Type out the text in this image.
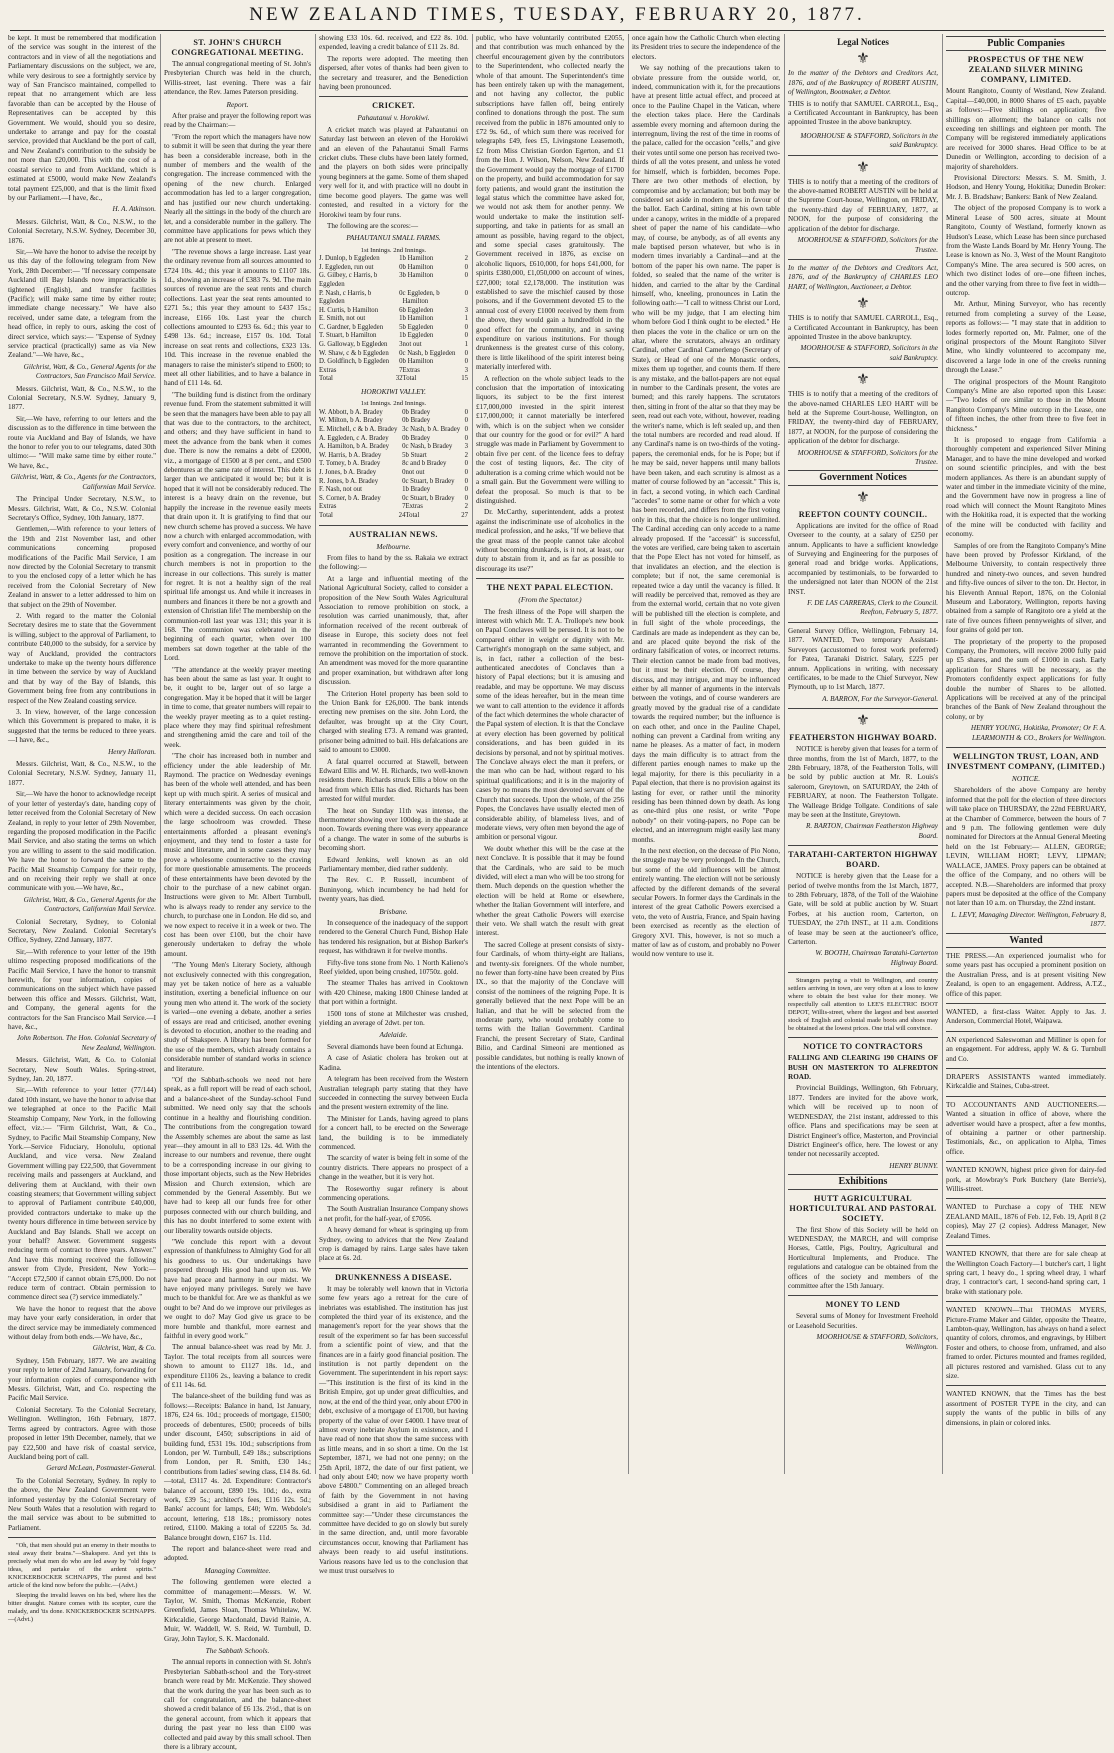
NEW ZEALAND TIMES, TUESDAY, FEBRUARY 20, 1877.

be kept. It must be remembered that modification of the service was sought in the interest of the contractors and in view of all the negotiations and Parliamentary discussions on the subject, we are, while very desirous to see a fortnightly service by way of San Francisco maintained, compelled to repeat that no arrangement which are less favorable than can be accepted by the House of Representatives can be accepted by this Government. We would, should you so desire, undertake to arrange and pay for the coastal service, provided that Auckland be the port of call, and New Zealand's contribution to the subsidy be not more than £20,000. This with the cost of a coastal service to and from Auckland, which is estimated at £5000, would make New Zealand's total payment £25,000, and that is the limit fixed by our Parliament.—I have, &c.,

H. A. Atkinson.

Messrs. Gilchrist, Watt, & Co., N.S.W., to the Colonial Secretary, N.S.W. Sydney, December 30, 1876.

Sir,—We have the honor to advise the receipt by us this day of the following telegram from New York, 28th December:— "If necessary compensate Auckland till Bay Islands now impracticable is tightened (English), and transfer facilities (Pacific); will make same time by either route; immediate change necessary." We have also received, under same date, a telegram from the head office, in reply to ours, asking the cost of direct service, which says:— "Expense of Sydney service practical (practically) same as via New Zealand."—We have, &c.,

Gilchrist, Watt, & Co., General Agents for the Contractors, San Francisco Mail Service.

Messrs. Gilchrist, Watt, & Co., N.S.W., to the Colonial Secretary, N.S.W. Sydney, January 9, 1877.

Sir,—We have, referring to our letters and the discussion as to the difference in time between the route via Auckland and Bay of Islands, we have the honor to refer you to our telegrams, dated 30th ultimo:— "Will make same time by either route." We have, &c.,

Gilchrist, Watt, & Co., Agents for the Contractors, Californian Mail Service.

The Principal Under Secretary, N.S.W., to Messrs. Gilchrist, Watt, & Co., N.S.W. Colonial Secretary's Office, Sydney, 10th January, 1877.

Gentlemen,—With reference to your letters of the 19th and 21st November last, and other communications concerning proposed modifications of the Pacific Mail Service, I am now directed by the Colonial Secretary to transmit to you the enclosed copy of a letter which he has received from the Colonial Secretary of New Zealand in answer to a letter addressed to him on that subject on the 29th of November.

2. With regard to the matter the Colonial Secretary desires me to state that the Government is willing, subject to the approval of Parliament, to contribute £40,000 to the subsidy, for a service by way of Auckland, provided the contractors undertake to make up the twenty hours difference in time between the service by way of Auckland and that by way of the Bay of Islands, this Government being free from any contributions in respect of the New Zealand coasting service.

3. In view, however, of the large concession which this Government is prepared to make, it is suggested that the terms be reduced to three years.—I have, &c.,

Henry Halloran.

Messrs. Gilchrist, Watt, & Co., N.S.W., to the Colonial Secretary, N.S.W. Sydney, January 11, 1877.

Sir,—We have the honor to acknowledge receipt of your letter of yesterday's date, handing copy of letter received from the Colonial Secretary of New Zealand, in reply to your letter of 29th November, regarding the proposed modification in the Pacific Mail Service, and also stating the terms on which you are willing to assent to the said modification. We have the honor to forward the same to the Pacific Mail Steamship Company for their reply, and on receiving their reply we shall at once communicate with you.—We have, &c.,

Gilchrist, Watt, & Co., General Agents for the Contractors, Californian Mail Service.

Colonial Secretary, Sydney, to Colonial Secretary, New Zealand. Colonial Secretary's Office, Sydney, 22nd January, 1877.

Sir,—With reference to your letter of the 19th ultimo respecting proposed modifications of the Pacific Mail Service, I have the honor to transmit herewith, for your information, copies of communications on the subject which have passed between this office and Messrs. Gilchrist, Watt, and Company, the general agents for the contractors for the San Francisco Mail Service.—I have, &c.,

John Robertson. The Hon. Colonial Secretary of New Zealand, Wellington.

Messrs. Gilchrist, Watt, & Co. to Colonial Secretary, New South Wales. Spring-street, Sydney, Jan. 20, 1877.

Sir,—With reference to your letter (77/144) dated 10th instant, we have the honor to advise that we telegraphed at once to the Pacific Mail Steamship Company, New York, in the following effect, viz.:— "Firm Gilchrist, Watt, & Co., Sydney, to Pacific Mail Steamship Company, New York.—Service Fiduciary, Honolulu, optional Auckland, and vice versa. New Zealand Government willing pay £22,500, that Government receiving mails and passengers at Auckland, and delivering them at Auckland, with their own coasting steamers; that Government willing subject to approval of Parliament contribute £40,000, provided contractors undertake to make up the twenty hours difference in time between service by Auckland and Bay Islands. Shall we accept on your behalf? Answer. Government suggests reducing term of contract to three years. Answer." And have this morning received the following answer from Clyde, President, New York:— "Accept £72,500 if cannot obtain £75,000. Do not reduce term of contract. Obtain permission to commence direct sea (?) service immediately."

We have the honor to request that the above may have your early consideration, in order that the direct service may be immediately commenced without delay from both ends.—We have, &c.,

Gilchrist, Watt, & Co.

Sydney, 15th February, 1877. We are awaiting your reply to letter of 22nd January, forwarding for your information copies of correspondence with Messrs. Gilchrist, Watt, and Co. respecting the Pacific Mail Service.

Colonial Secretary. To the Colonial Secretary, Wellington. Wellington, 16th February, 1877. Terms agreed by contractors. Agree with those proposed in letter 19th December, namely, that we pay £22,500 and have risk of coastal service, Auckland being port of call.

Gerard McLean, Postmaster-General.

To the Colonial Secretary, Sydney. In reply to the above, the New Zealand Government were informed yesterday by the Colonial Secretary of New South Wales that a resolution with regard to the mail service was about to be submitted to Parliament.

"Oh, that men should put an enemy in their mouths to steal away their brains."—Shakspere. And yet this is precisely what men do who are led away by "old fogey ideas, and partake of the ardent spirits." KNICKERBOCKER SCHNAPPS, The purest and best article of the kind now before the public.—(Advt.)

Sleeping the invalid leaves on his bed, where lies the bitter draught. Nature comes with its scepter, cure the malady, and 'tis done. KNICKERBOCKER SCHNAPPS.—(Advt.)

ST. JOHN'S CHURCH CONGREGATIONAL MEETING.

The annual congregational meeting of St. John's Presbyterian Church was held in the church, Willis-street, last evening. There was a fair attendance, the Rev. James Paterson presiding.

Report.

After praise and prayer the following report was read by the Chairman:—

"From the report which the managers have now to submit it will be seen that during the year there has been a considerable increase, both in the number of members and the wealth of the congregation. The increase commenced with the opening of the new church. Enlarged accommodation has led to a larger congregation, and has justified our new church undertaking. Nearly all the sittings in the body of the church are let, and a considerable number in the gallery. The committee have applications for pews which they are not able at present to meet.

"The revenue shows a large increase. Last year the ordinary revenue from all sources amounted to £724 10s. 4d.; this year it amounts to £1107 18s. 1d., showing an increase of £383 7s. 9d. The main sources of revenue are the seat rents and church collections. Last year the seat rents amounted to £271 5s.; this year they amount to £437 15s.; increase, £166 10s. Last year the church collections amounted to £293 6s. 6d.; this year to £498 13s. 6d.; increase, £157 0s. 10d. Total increase on seat rents and collections, £323 13s. 10d. This increase in the revenue enabled the managers to raise the minister's stipend to £600; to meet all other liabilities, and to have a balance in hand of £11 14s. 6d.

"The building fund is distinct from the ordinary revenue fund. From the statement submitted it will be seen that the managers have been able to pay all that was due to the contractors, to the architect, and others; and they have sufficient in hand to meet the advance from the bank when it comes due. There is now the remains a debt of £2000, viz., a mortgage of £1500 at 8 per cent., and £500 debentures at the same rate of interest. This debt is larger than we anticipated it would be; but it is hoped that it will not be considerably reduced. The interest is a heavy drain on the revenue, but happily the increase in the revenue easily meets that drain upon it. It is gratifying to find that our new church scheme has proved a success. We have now a church with enlarged accommodation, with every comfort and convenience, and worthy of our position as a congregation. The increase in our church members is not in proportion to the increase in our collections. This surely is matter for regret. It is not a healthy sign of the real spiritual life amongst us. And while it increases in numbers and finances it there be not a growth and extension of Christian life! The membership on the communion-roll last year was 131; this year it is 168. The communion was celebrated in the beginning of each quarter, when over 100 members sat down together at the table of the Lord.

"The attendance at the weekly prayer meeting has been about the same as last year. It ought to be, it ought to be, larger out of so large a congregation. May it be hoped that it will be larger in time to come, that greater numbers will repair to the weekly prayer meeting as to a quiet resting-place where they may find spiritual refreshment and strengthening amid the care and toil of the week.

"The choir has increased both in number and efficiency under the able leadership of Mr. Raymond. The practice on Wednesday evenings has been of the whole well attended, and has been kept up with much spirit. A series of musical and literary entertainments was given by the choir, which were a decided success. On each occasion the large schoolroom was crowded. These entertainments afforded a pleasant evening's enjoyment, and they tend to foster a taste for music and literature, and in some cases they may prove a wholesome counteractive to the craving for more questionable amusements. The proceeds of these entertainments have been devoted by the choir to the purchase of a new cabinet organ. Instructions were given to Mr. Albert Turnbull, who is always ready to render any service to the church, to purchase one in London. He did so, and we now expect to receive it in a week or two. The cost has been over £100, but the choir have generously undertaken to defray the whole amount.

"The Young Men's Literary Society, although not exclusively connected with this congregation, may yet be taken notice of here as a valuable institution, exerting a beneficial influence on our young men who attend it. The work of the society is varied—one evening a debate, another a series of essays are read and criticised, another evening is devoted to elocution, another to the reading and study of Shakspere. A library has been formed for the use of the members, which already contains a considerable number of standard works in science and literature.

"Of the Sabbath-schools we need not here speak, as a full report will be read of each school, and a balance-sheet of the Sunday-school Fund submitted. We need only say that the schools continue in a healthy and flourishing condition. The contributions from the congregation toward the Assembly schemes are about the same as last year—they amount in all to £83 12s. 4d. With the increase to our numbers and revenue, there ought to be a corresponding increase in our giving to those important objects, such as the New Hebrides Mission and Church extension, which are commended by the General Assembly. But we have had to keep all our funds free for other purposes connected with our church building, and this has no doubt interfered to some extent with our liberality towards outside objects.

"We conclude this report with a devout expression of thankfulness to Almighty God for all his goodness to us. Our undertakings have prospered through His good hand upon us. We have had peace and harmony in our midst. We have enjoyed many privileges. Surely we have much to be thankful for. Are we as thankful as we ought to be? And do we improve our privileges as we ought to do? May God give us grace to be more humble and thankful, more earnest and faithful in every good work."

The annual balance-sheet was read by Mr. J. Taylor. The total receipts from all sources were shown to amount to £1127 18s. 1d., and expenditure £1106 2s., leaving a balance to credit of £11 14s. 6d.

The balance-sheet of the building fund was as follows:—Receipts: Balance in hand, 1st January, 1876, £24 6s. 10d.; proceeds of mortgage, £1500; proceeds of debentures, £500; proceeds of bills under discount, £450; subscriptions in aid of building fund, £531 19s. 10d.; subscriptions from London, per W. Turnbull, £49 18s.; subscriptions from London, per R. Smith, £30 14s.; contributions from ladies' sewing class, £14 8s. 6d.—total, £3117 4s. 2d. Expenditure: Contractor's balance of account, £890 19s. 10d.; do., extra work, £39 5s.; architect's fees, £116 12s. 5d.; Banks' account for lamps, £40; Wm. Webdole's account, lettering, £18 18s.; promissory notes retired, £1100. Making a total of £2205 5s. 3d. Balance brought down, £167 1s. 11d.

The report and balance-sheet were read and adopted.

Managing Committee.

The following gentlemen were elected a committee of management:—Messrs. W. W. Taylor, W. Smith, Thomas McKenzie, Robert Greenfield, James Sloan, Thomas Whitelaw, W. Kirkcaldie, George Macdonald, David Rainie, A. Muir, W. Waddell, W. S. Reid, W. Turnbull, D. Gray, John Taylor, S. K. Macdonald.

The Sabbath Schools.

The annual reports in connection with St. John's Presbyterian Sabbath-school and the Tory-street branch were read by Mr. McKenzie. They showed that the work during the year has been such as to call for congratulation, and the balance-sheet showed a credit balance of £6 13s. 2½d., that is on the general account, from which it appears that during the past year no less than £100 was collected and paid away by this small school. Then there is a library account,

showing £33 10s. 6d. received, and £22 8s. 10d. expended, leaving a credit balance of £11 2s. 8d.

The reports were adopted. The meeting then dispersed, after votes of thanks had been given to the secretary and treasurer, and the Benediction having been pronounced.

CRICKET.
Pahautanui v. Horokiwi.

A cricket match was played at Pahautanui on Saturday last between an eleven of the Horokiwi and an eleven of the Pahautanui Small Farms cricket clubs. These clubs have been lately formed, and the players on both sides were principally young beginners at the game. Some of them shaped very well for it, and with practice will no doubt in time become good players. The game was well contested, and resulted in a victory for the Horokiwi team by four runs.

The following are the scores:—

PAHAUTANUI SMALL FARMS.
1st Innings. 2nd Innings.
J. Dunlop, b Eggleden	1	b Hamilton	2
J. Eggleden, run out	0	b Hamilton	0
G. Gilbey, c Harris, b Eggleden	3	b Hamilton	0
P. Nash, c Harris, b Eggleden	0	c Eggleden, b Hamilton	0
H. Curtis, b Hamilton	6	b Eggleden	3
E. Smith, not out	1	b Hamilton	1
C. Gardner, b Eggleden	5	b Eggleden	0
T. Stuart, b Hamilton	1	b Eggleden	0
G. Galloway, b Eggleden	3	not out	1
W. Shaw, c & b Eggleden	0	c Nash, b Eggleden	0
D. Goldfinch, b Eggleden	0	b Hamilton	0
Extras	7	Extras	3
Total	32	Total	15
HOROKIWI VALLEY.
1st Innings. 2nd Innings.
W. Abbott, b A. Bradey	0	b Bradey	0
W. Milton, b A. Bradey	0	b Bradey	0
E. Mitchell, c & b A. Bradey	3	c Nash, b A. Bradey	0
A. Eggleden, c A. Bradey	0	b Bradey	0
A. Hamilton, b A. Bradey	0	c Nash, b Bradey	3
W. Harris, b A. Bradey	5	b Stuart	2
T. Tomey, b A. Bradey	8	c and b Bradey	0
J. Jones, b A. Bradey	0	not out	0
R. Jones, b A. Bradey	0	c Stuart, b Bradey	0
F. Nash, not out	1	b Bradey	0
S. Corner, b A. Bradey	0	c Stuart, b Bradey	0
Extras	7	Extras	2
Total	24	Total	27
AUSTRALIAN NEWS.
Melbourne.

From files to hand by the ss. Rakaia we extract the following:—

At a large and influential meeting of the National Agricultural Society, called to consider a proposition of the New South Wales Agricultural Association to remove prohibition on stock, a resolution was carried unanimously, that, after information received of the recent outbreak of disease in Europe, this society does not feel warranted in recommending the Government to remove the prohibition on the importation of stock. An amendment was moved for the more quarantine and proper examination, but withdrawn after long discussion.

The Criterion Hotel property has been sold to the Union Bank for £26,000. The bank intends erecting new premises on the site. John Lord, the defaulter, was brought up at the City Court, charged with stealing £73. A remand was granted, prisoner being admitted to bail. His defalcations are said to amount to £3000.

A fatal quarrel occurred at Stawell, between Edward Ellis and W. H. Richards, two well-known residents there. Richards struck Ellis a blow on the head from which Ellis has died. Richards has been arrested for wilful murder.

The heat on Sunday 11th was intense, the thermometer showing over 100deg. in the shade at noon. Towards evening there was every appearance of a change. The water in some of the suburbs is becoming short.

Edward Jenkins, well known as an old Parliamentary member, died rather suddenly.

The Rev. C. P. Russell, incumbent of Buninyong, which incumbency he had held for twenty years, has died.

Brisbane.

In consequence of the inadequacy of the support rendered to the General Church Fund, Bishop Hale has tendered his resignation, but at Bishop Barker's request, has withdrawn it for twelve months.

Fifty-five tons stone from No. 1 North Kalieno's Reef yielded, upon being crushed, 10750z. gold.

The steamer Thales has arrived in Cooktown with 420 Chinese, making 1800 Chinese landed at that port within a fortnight.

1500 tons of stone at Milchester was crushed, yielding an average of 2dwt. per ton.

Adelaide.

Several diamonds have been found at Echunga.

A case of Asiatic cholera has broken out at Kadina.

A telegram has been received from the Western Australian telegraph party stating that they have succeeded in connecting the survey between Eucla and the present western extremity of the line.

The Minister for Lands, having agreed to plans for a concert hall, to be erected on the Sewerage land, the building is to be immediately commenced.

The scarcity of water is being felt in some of the country districts. There appears no prospect of a change in the weather, but it is very hot.

The Roseworthy sugar refinery is about commencing operations.

The South Australian Insurance Company shows a net profit, for the half-year, of £7056.

A heavy demand for wheat is springing up from Sydney, owing to advices that the New Zealand crop is damaged by rains. Large sales have taken place at 6s. 2d.

DRUNKENNESS A DISEASE.

It may be tolerably well known that in Victoria some few years ago a retreat for the cure of inebriates was established. The institution has just completed the third year of its existence, and the management's report for the year shows that the result of the experiment so far has been successful from a scientific point of view, and that the finances are in a fairly good financial position. The institution is not partly dependent on the Government. The superintendent in his report says:—"This institution is the first of its kind in the British Empire, got up under great difficulties, and now, at the end of the third year, only about £700 in debt, exclusive of a mortgage of £1700, but having property of the value of over £4000. I have treat of almost every inebriate Asylum in existence, and I have read of none that show the same success with as little means, and in so short a time. On the 1st September, 1871, we had not one penny; on the 25th April, 1872, the date of our first patient, we had only about £40; now we have property worth above £4800." Commenting on an alleged breach of faith by the Government in not having subsidised a grant in aid to Parliament the committee say:—"Under these circumstances the committee have decided to go on slowly but surely in the same direction, and, until more favorable circumstances occur, knowing that Parliament has always been ready to aid useful institutions. Various reasons have led us to the conclusion that we must trust ourselves to

public, who have voluntarily contributed £2055, and that contribution was much enhanced by the cheerful encouragement given by the contributors to the Superintendent, who collected nearly the whole of that amount. The Superintendent's time has been entirely taken up with the management, and not having any collector, the public subscriptions have fallen off, being entirely confined to donations through the post. The sum received from the public in 1876 amounted only to £72 9s. 6d., of which sum there was received for telegraphs £49, fees £5, Livingstone Leasemoth, £2 from Miss Christian Gordon Egerton, and £1 from the Hon. J. Wilson, Nelson, New Zealand. If the Government would pay the mortgage of £1700 on the property, and build accommodation for say forty patients, and would grant the institution the legal status which the committee have asked for, we would not ask them for another penny. We would undertake to make the institution self-supporting, and take in patients for as small an amount as possible, having regard to the object, and some special cases gratuitously. The Government received in 1876, as excise on alcoholic liquors, £610,000, for hops £41,000, for spirits £380,000, £1,050,000 on account of wines, £27,000; total £2,178,000. The institution was established to save the mischief caused by those poisons, and if the Government devoted £5 to the annual cost of every £1000 received by them from the above, they would gain a hundredfold in the good effect for the community, and in saving expenditure on various institutions. For though drunkenness is the greatest curse of this colony, there is little likelihood of the spirit interest being materially interfered with.

A reflection on the whole subject leads to the conclusion that the importation of intoxicating liquors, its subject to be the first interest £17,000,000 invested in the spirit interest £17,000,000; it cannot materially be interfered with, which is on the subject when we consider that our country for the good or for evil?" A hard struggle was made in Parliament by Government to obtain five per cent. of the licence fees to defray the cost of testing liquors, &c. The city of adulteration is a coming crime which would not be a small gain. But the Government were willing to defeat the proposal. So much is that to be distinguished.

Dr. McCarthy, superintendent, adds a protest against the indiscriminate use of alcoholics in the medical profession, and he asks, "If we believe that the great mass of the people cannot take alcohol without becoming drunkards, is it not, at least, our duty to abstain from it, and as far as possible to discourage its use?"

THE NEXT PAPAL ELECTION.
(From the Spectator.)

The fresh illness of the Pope will sharpen the interest with which Mr. T. A. Trollope's new book on Papal Conclaves will be perused. It is not to be compared either in weight or dignity with Mr. Cartwright's monograph on the same subject, and is, in fact, rather a collection of the best-authenticated anecdotes of Conclaves than a history of Papal elections; but it is amusing and readable, and may be opportune. We may discuss some of the ideas hereafter, but in the mean time we want to call attention to the evidence it affords of the fact which determines the whole character of the Papal system of election. It is that the Conclave at every election has been governed by political considerations, and has been guided in its decisions by personal, and not by spiritual motives. The Conclave always elect the man it prefers, or the man who can be had, without regard to his spiritual qualifications; and it is in the majority of cases by no means the most devoted servant of the Church that succeeds. Upon the whole, of the 256 Popes, the Conclaves have usually elected men of considerable ability, of blameless lives, and of moderate views, very often men beyond the age of ambition or personal vigour.

We doubt whether this will be the case at the next Conclave. It is possible that it may be found that the Cardinals, who are said to be much divided, will elect a man who will be too strong for them. Much depends on the question whether the election will be held at Rome or elsewhere, whether the Italian Government will interfere, and whether the great Catholic Powers will exercise their veto. We shall watch the result with great interest.

The sacred College at present consists of sixty-four Cardinals, of whom thirty-eight are Italians, and twenty-six foreigners. Of the whole number, no fewer than forty-nine have been created by Pius IX., so that the majority of the Conclave will consist of the nominees of the reigning Pope. It is generally believed that the next Pope will be an Italian, and that he will be selected from the moderate party, who would probably come to terms with the Italian Government. Cardinal Franchi, the present Secretary of State, Cardinal Bilio, and Cardinal Simeoni are mentioned as possible candidates, but nothing is really known of the intentions of the electors.

once again how the Catholic Church when electing its President tries to secure the independence of the electors.

We say nothing of the precautions taken to obviate pressure from the outside world, or, indeed, communication with it, for the precautions have at present little actual effect, and proceed at once to the Pauline Chapel in the Vatican, where the election takes place. Here the Cardinals assemble every morning and afternoon during the interregnum, living the rest of the time in rooms of the palace, called for the occasion "cells," and give their votes until some one person has received two-thirds of all the votes present, and unless he voted for himself, which is forbidden, becomes Pope. There are two other methods of election, by compromise and by acclamation; but both may be considered set aside in modern times in favour of the ballot. Each Cardinal, sitting at his own table under a canopy, writes in the middle of a prepared sheet of paper the name of his candidate—who may, of course, be anybody, as of all events any male baptised person whatever, but who is in modern times invariably a Cardinal—and at the bottom of the paper his own name. The paper is folded, so sealed that the name of the writer is hidden, and carried to the altar by the Cardinal himself, who, kneeling, pronounces in Latin the following oath:—"I call to witness Christ our Lord, who will be my judge, that I am electing him whom before God I think ought to be elected." He then places the vote in the chalice or urn on the altar, where the scrutators, always an ordinary Cardinal, other Cardinal Camerlengo (Secretary of State), or Head of one of the Monastic orders, mixes them up together, and counts them. If there is any mistake, and the ballot-papers are not equal in number to the Cardinals present, the votes are burned; and this rarely happens. The scrutators then, sitting in front of the altar so that they may be seen, read out each vote, without, however, reading the writer's name, which is left sealed up, and then the total numbers are recorded and read aloud. If any Cardinal's name is on two-thirds of the voting-papers, the ceremonial ends, for he is Pope; but if he may be said, never happens until many ballots have been taken, and each scrutiny is almost as a matter of course followed by an "accessit." This is, in fact, a second voting, in which each Cardinal "accedes" to some name or other for which a vote has been recorded, and differs from the first voting only in this, that the choice is no longer unlimited. The Cardinal acceding can only accede to a name already proposed. If the "accessit" is successful, the votes are verified, care being taken to ascertain that the Pope Elect has not voted for himself, as that invalidates an election, and the election is complete; but if not, the same ceremonial is repeated twice a day until the vacancy is filled. It will readily be perceived that, removed as they are from the external world, certain that no vote given will be published till the election is complete, and in full sight of the whole proceedings, the Cardinals are made as independent as they can be, and are placed quite beyond the risk of the ordinary falsification of votes, or incorrect returns. Their election cannot be made from bad motives, but it must be their election. Of course, they discuss, and may intrigue, and may be influenced either by all manner of arguments in the intervals between the votings, and of course wanderers are greatly moved by the gradual rise of a candidate towards the required number; but the influence is on each other, and once in the Pauline Chapel, nothing can prevent a Cardinal from writing any name he pleases. As a matter of fact, in modern days the main difficulty is to attract from the different parties enough names to make up the legal majority, for there is this peculiarity in a Papal election, that there is no provision against its lasting for ever, or rather until the minority residing has been thinned down by death. As long as one-third plus one resist, or write "Pope nobody" on their voting-papers, no Pope can be elected, and an interregnum might easily last many months.

In the next election, on the decease of Pio Nono, the struggle may be very prolonged. In the Church, but some of the old influences will be almost entirely wanting. The election will not be seriously affected by the different demands of the several secular Powers. In former days the Cardinals in the interest of the great Catholic Powers exercised a veto, the veto of Austria, France, and Spain having been exercised as recently as the election of Gregory XVI. This, however, is not so much a matter of law as of custom, and probably no Power would now venture to use it.

Legal Notices
⚜

In the matter of the Debtors and Creditors Act, 1876, and of the Bankruptcy of ROBERT AUSTIN, of Wellington, Bootmaker, a Debtor.

THIS is to notify that SAMUEL CARROLL, Esq., a Certificated Accountant in Bankruptcy, has been appointed Trustee in the above bankruptcy.

MOORHOUSE & STAFFORD, Solicitors in the said Bankruptcy.
⚜

THIS is to notify that a meeting of the creditors of the above-named ROBERT AUSTIN will be held at the Supreme Court-house, Wellington, on FRIDAY, the twenty-third day of FEBRUARY, 1877, at NOON, for the purpose of considering the application of the debtor for discharge.

MOORHOUSE & STAFFORD, Solicitors for the Trustee.

In the matter of the Debtors and Creditors Act, 1876, and of the Bankruptcy of CHARLES LEO HART, of Wellington, Auctioneer, a Debtor.

⚜

THIS is to notify that SAMUEL CARROLL, Esq., a Certificated Accountant in Bankruptcy, has been appointed Trustee in the above bankruptcy.

MOORHOUSE & STAFFORD, Solicitors in the said Bankruptcy.
⚜

THIS is to notify that a meeting of the creditors of the above-named CHARLES LEO HART will be held at the Supreme Court-house, Wellington, on FRIDAY, the twenty-third day of FEBRUARY, 1877, at NOON, for the purpose of considering the application of the debtor for discharge.

MOORHOUSE & STAFFORD, Solicitors for the Trustee.
Government Notices
⚜
REEFTON COUNTY COUNCIL.

Applications are invited for the office of Road Overseer to the county, at a salary of £250 per annum. Applicants to have a sufficient knowledge of Surveying and Engineering for the purposes of general road and bridge works. Applications, accompanied by testimonials, to be forwarded to the undersigned not later than NOON of the 21st INST.

F. DE LAS CARRERAS, Clerk to the Council. Reefton, February 5, 1877.

General Survey Office, Wellington, February 14, 1877. WANTED, Two temporary Assistant-Surveyors (accustomed to forest work preferred) for Patea, Taranaki District. Salary, £225 per annum. Applications in writing, with necessary certificates, to be made to the Chief Surveyor, New Plymouth, up to 1st March, 1877.

A. BARRON, For the Surveyor-General.
⚜
FEATHERSTON HIGHWAY BOARD.

NOTICE is hereby given that leases for a term of three months, from the 1st of March, 1877, to the 28th February, 1878, of the Featherston Tolls, will be sold by public auction at Mr. R. Louis's saleroom, Greytown, on SATURDAY, the 24th of FEBRUARY, at noon. The Featherston Tollgate. The Walleage Bridge Tollgate. Conditions of sale may be seen at the Institute, Greytown.

R. BARTON, Chairman Featherston Highway Board.
TARATAHI-CARTERTON HIGHWAY BOARD.

NOTICE is hereby given that the Lease for a period of twelve months from the 1st March, 1877, to 28th February, 1878, of the Toll of the Waiohine Gate, will be sold at public auction by W. Stuart Forbes, at his auction room, Carterton, on TUESDAY, the 27th INST., at 11 a.m. Conditions of lease may be seen at the auctioneer's office, Carterton.

W. BOOTH, Chairman Taratahi-Carterton Highway Board.

Strangers paying a visit to Wellington, and country settlers arriving in town, are very often at a loss to know where to obtain the best value for their money. We respectfully call attention to LEE'S ELECTRIC BOOT DEPOT, Willis-street, where the largest and best assorted stock of English and colonial made boots and shoes may be obtained at the lowest prices. One trial will convince.

NOTICE TO CONTRACTORS

FALLING AND CLEARING 190 CHAINS OF BUSH ON MASTERTON TO ALFREDTON ROAD.

Provincial Buildings, Wellington, 6th February, 1877. Tenders are invited for the above work, which will be received up to noon of WEDNESDAY, the 21st instant, addressed to this office. Plans and specifications may be seen at District Engineer's office, Masterton, and Provincial District Engineer's office, here. The lowest or any tender not necessarily accepted.

HENRY BUNNY.
Exhibitions
HUTT AGRICULTURAL HORTICULTURAL AND PASTORAL SOCIETY.

The first Show of this Society will be held on WEDNESDAY, the MARCH, and will comprise Horses, Cattle, Pigs, Poultry, Agricultural and Horticultural Implements, and Produce. The regulations and catalogue can be obtained from the offices of the society and members of the committee after the 15th January.

MONEY TO LEND

Several sums of Money for Investment Freehold or Leasehold Securities.

MOORHOUSE & STAFFORD, Solicitors, Wellington.
Public Companies
PROSPECTUS OF THE NEW ZEALAND SILVER MINING COMPANY, LIMITED.

Mount Rangitoto, County of Westland, New Zealand. Capital—£40,000, in 8000 Shares of £5 each, payable as follows:—Five shillings on application; five shillings on allotment; the balance on calls not exceeding ten shillings and eighteen per month. The Company will be registered immediately applications are received for 3000 shares. Head Office to be at Dunedin or Wellington, according to decision of a majority of shareholders.

Provisional Directors: Messrs. S. M. Smith, J. Hodson, and Henry Young, Hokitika; Dunedin Broker: Mr. J. B. Bradshaw; Bankers: Bank of New Zealand.

The object of the proposed Company is to work a Mineral Lease of 500 acres, situate at Mount Rangitoto, County of Westland, formerly known as Hudson's Lease, which Lease has been since purchased from the Waste Lands Board by Mr. Henry Young. The Lease is known as No. 3, West of the Mount Rangitoto Company's Mine. The area secured is 500 acres, on which two distinct lodes of ore—one fifteen inches, and the other varying from three to five feet in width—outcrop.

Mr. Arthur, Mining Surveyor, who has recently returned from completing a survey of the Lease, reports as follows:— "I may state that in addition to lodes formerly reported on, Mr. Palmer, one of the original prospectors of the Mount Rangitoto Silver Mine, who kindly volunteered to accompany me, discovered a large lode in one of the creeks running through the Lease."

The original prospectors of the Mount Rangitoto Company's Mine are also reported upon this Lease:—"Two lodes of ore similar to those in the Mount Rangitoto Company's Mine outcrop in the Lease, one of fifteen inches, the other from three to five feet in thickness."

It is proposed to engage from California a thoroughly competent and experienced Silver Mining Manager, and to have the mine developed and worked on sound scientific principles, and with the best modern appliances. As there is an abundant supply of water and timber in the immediate vicinity of the mine, and the Government have now in progress a line of road which will connect the Mount Rangitoto Mines with the Hokitika road, it is expected that the working of the mine will be conducted with facility and economy.

Samples of ore from the Rangitoto Company's Mine have been proved by Professor Kirkland, of the Melbourne University, to contain respectively three hundred and ninety-two ounces, and seven hundred and fifty-five ounces of silver to the ton. Dr. Hector, in his Eleventh Annual Report, 1876, on the Colonial Museum and Laboratory, Wellington, reports having obtained from a sample of Rangitoto ore a yield at the rate of five ounces fifteen pennyweights of silver, and four grains of gold per ton.

The proprietary of the property to the proposed Company, the Promoters, will receive 2000 fully paid up £5 shares, and the sum of £1000 in cash. Early application for Shares will be necessary, as the Promoters confidently expect applications for fully double the number of Shares to be allotted. Applications will be received at any of the principal branches of the Bank of New Zealand throughout the colony, or by

HENRY YOUNG, Hokitika, Promoter; Or F. A. LEARMONTH & CO., Brokers for Wellington.
WELLINGTON TRUST, LOAN, AND INVESTMENT COMPANY, (LIMITED.)
NOTICE.

Shareholders of the above Company are hereby informed that the poll for the election of three directors will take place on THURSDAY, the 22nd FEBRUARY, at the Chamber of Commerce, between the hours of 7 and 9 p.m. The following gentlemen were duly nominated for Directors at the Annual General Meeting held on the 1st February:— ALLEN, GEORGE; LEVIN, WILLIAM HORT; LEVY, LIPMAN; WALLACE, JAMES. Proxy papers can be obtained at the office of the Company, and no others will be accepted. N.B.—Shareholders are informed that proxy papers must be deposited at the office of the Company not later than 10 a.m. on Thursday, the 22nd instant.

L. LEVY, Managing Director. Wellington, February 8, 1877.
Wanted

THE PRESS.—An experienced journalist who for some years past has occupied a prominent position on the Australian Press, and is at present visiting New Zealand, is open to an engagement. Address, A.T.Z., office of this paper.

WANTED, a first-class Waiter. Apply to Jas. J. Anderson, Commercial Hotel, Waipawa.

AN experienced Saleswoman and Milliner is open for an engagement. For address, apply W. & G. Turnbull and Co.

DRAPER'S ASSISTANTS wanted immediately. Kirkcaldie and Staines, Cuba-street.

TO ACCOUNTANTS AND AUCTIONEERS.—Wanted a situation in office of above, where the advertiser would have a prospect, after a few months, of obtaining a partner or other partnership. Testimonials, &c., on application to Alpha, Times office.

WANTED KNOWN, highest price given for dairy-fed pork, at Mowbray's Pork Butchery (late Berrie's), Willis-street.

WANTED to Purchase a copy of THE NEW ZEALAND MAIL, 1876 of Feb. 12, Feb. 19, April 8 (2 copies), May 27 (2 copies). Address Manager, New Zealand Times.

WANTED KNOWN, that there are for sale cheap at the Wellington Coach Factory—1 butcher's cart, 1 light spring cart, 1 heavy do., 1 spring wheel dray, 1 wharf dray, 1 contractor's cart, 1 second-hand spring cart, 1 brake with stationary pole.

WANTED KNOWN—That THOMAS MYERS, Picture-Frame Maker and Gilder, opposite the Theatre, Lambton-quay, Wellington, has always on hand a select quantity of colors, chromos, and engravings, by Hilbert Foster and others, to choose from, unframed, and also framed to order. Pictures mounted and frames regilded, all pictures restored and varnished. Glass cut to any size.

WANTED KNOWN, that the Times has the best assortment of POSTER TYPE in the city, and can supply the wants of the public in bills of any dimensions, in plain or colored inks.
